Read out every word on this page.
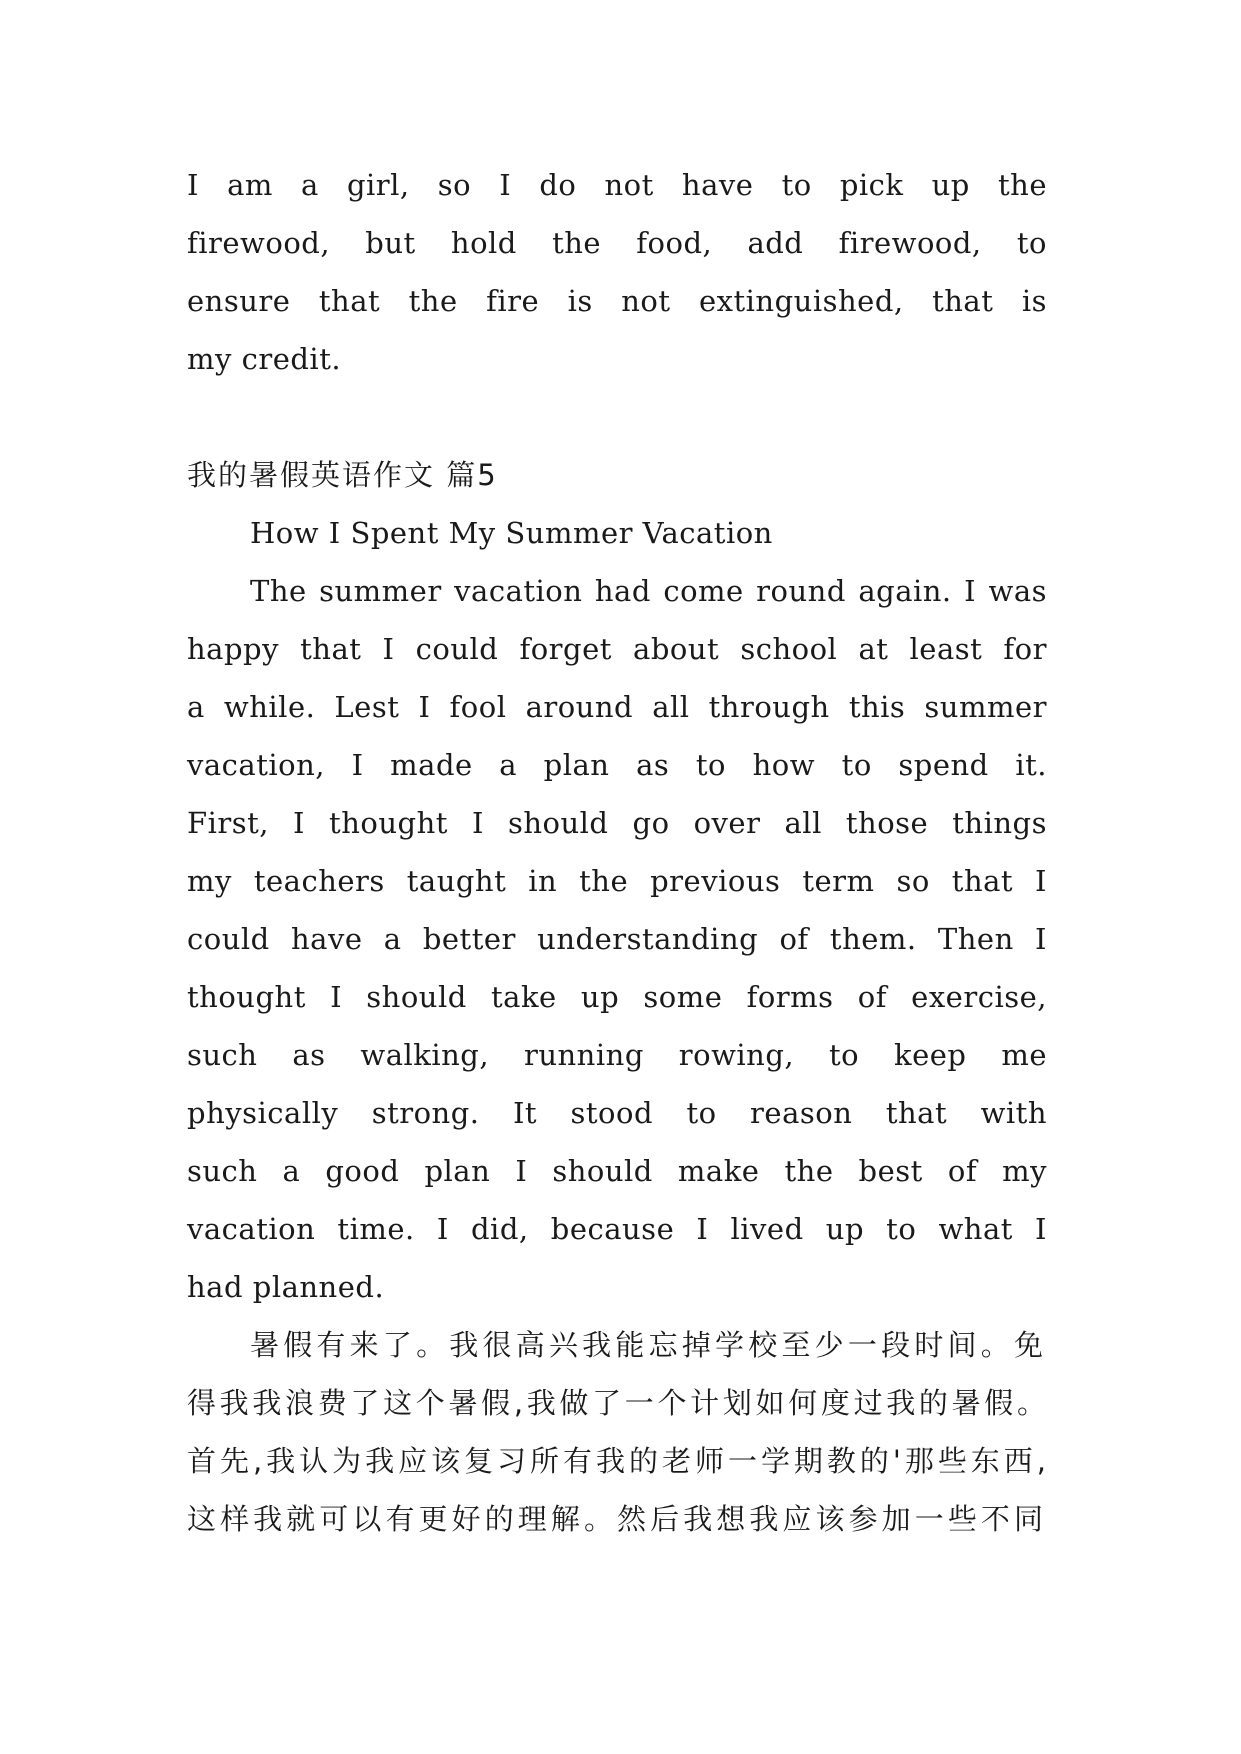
I am a girl, so I do not have to pick up the
firewood, but hold the food, add firewood, to
ensure that the fire is not extinguished, that is
my credit.
我的暑假英语作文 篇5
How I Spent My Summer Vacation
The summer vacation had come round again. I was
happy that I could forget about school at least for
a while. Lest I fool around all through this summer
vacation, I made a plan as to how to spend it.
First, I thought I should go over all those things
my teachers taught in the previous term so that I
could have a better understanding of them. Then I
thought I should take up some forms of exercise,
such as walking, running rowing, to keep me
physically strong. It stood to reason that with
such a good plan I should make the best of my
vacation time. I did, because I lived up to what I
had planned.
暑假有来了。我很高兴我能忘掉学校至少一段时间。免
得我我浪费了这个暑假,我做了一个计划如何度过我的暑假。
首先,我认为我应该复习所有我的老师一学期教的'那些东西,
这样我就可以有更好的理解。然后我想我应该参加一些不同
